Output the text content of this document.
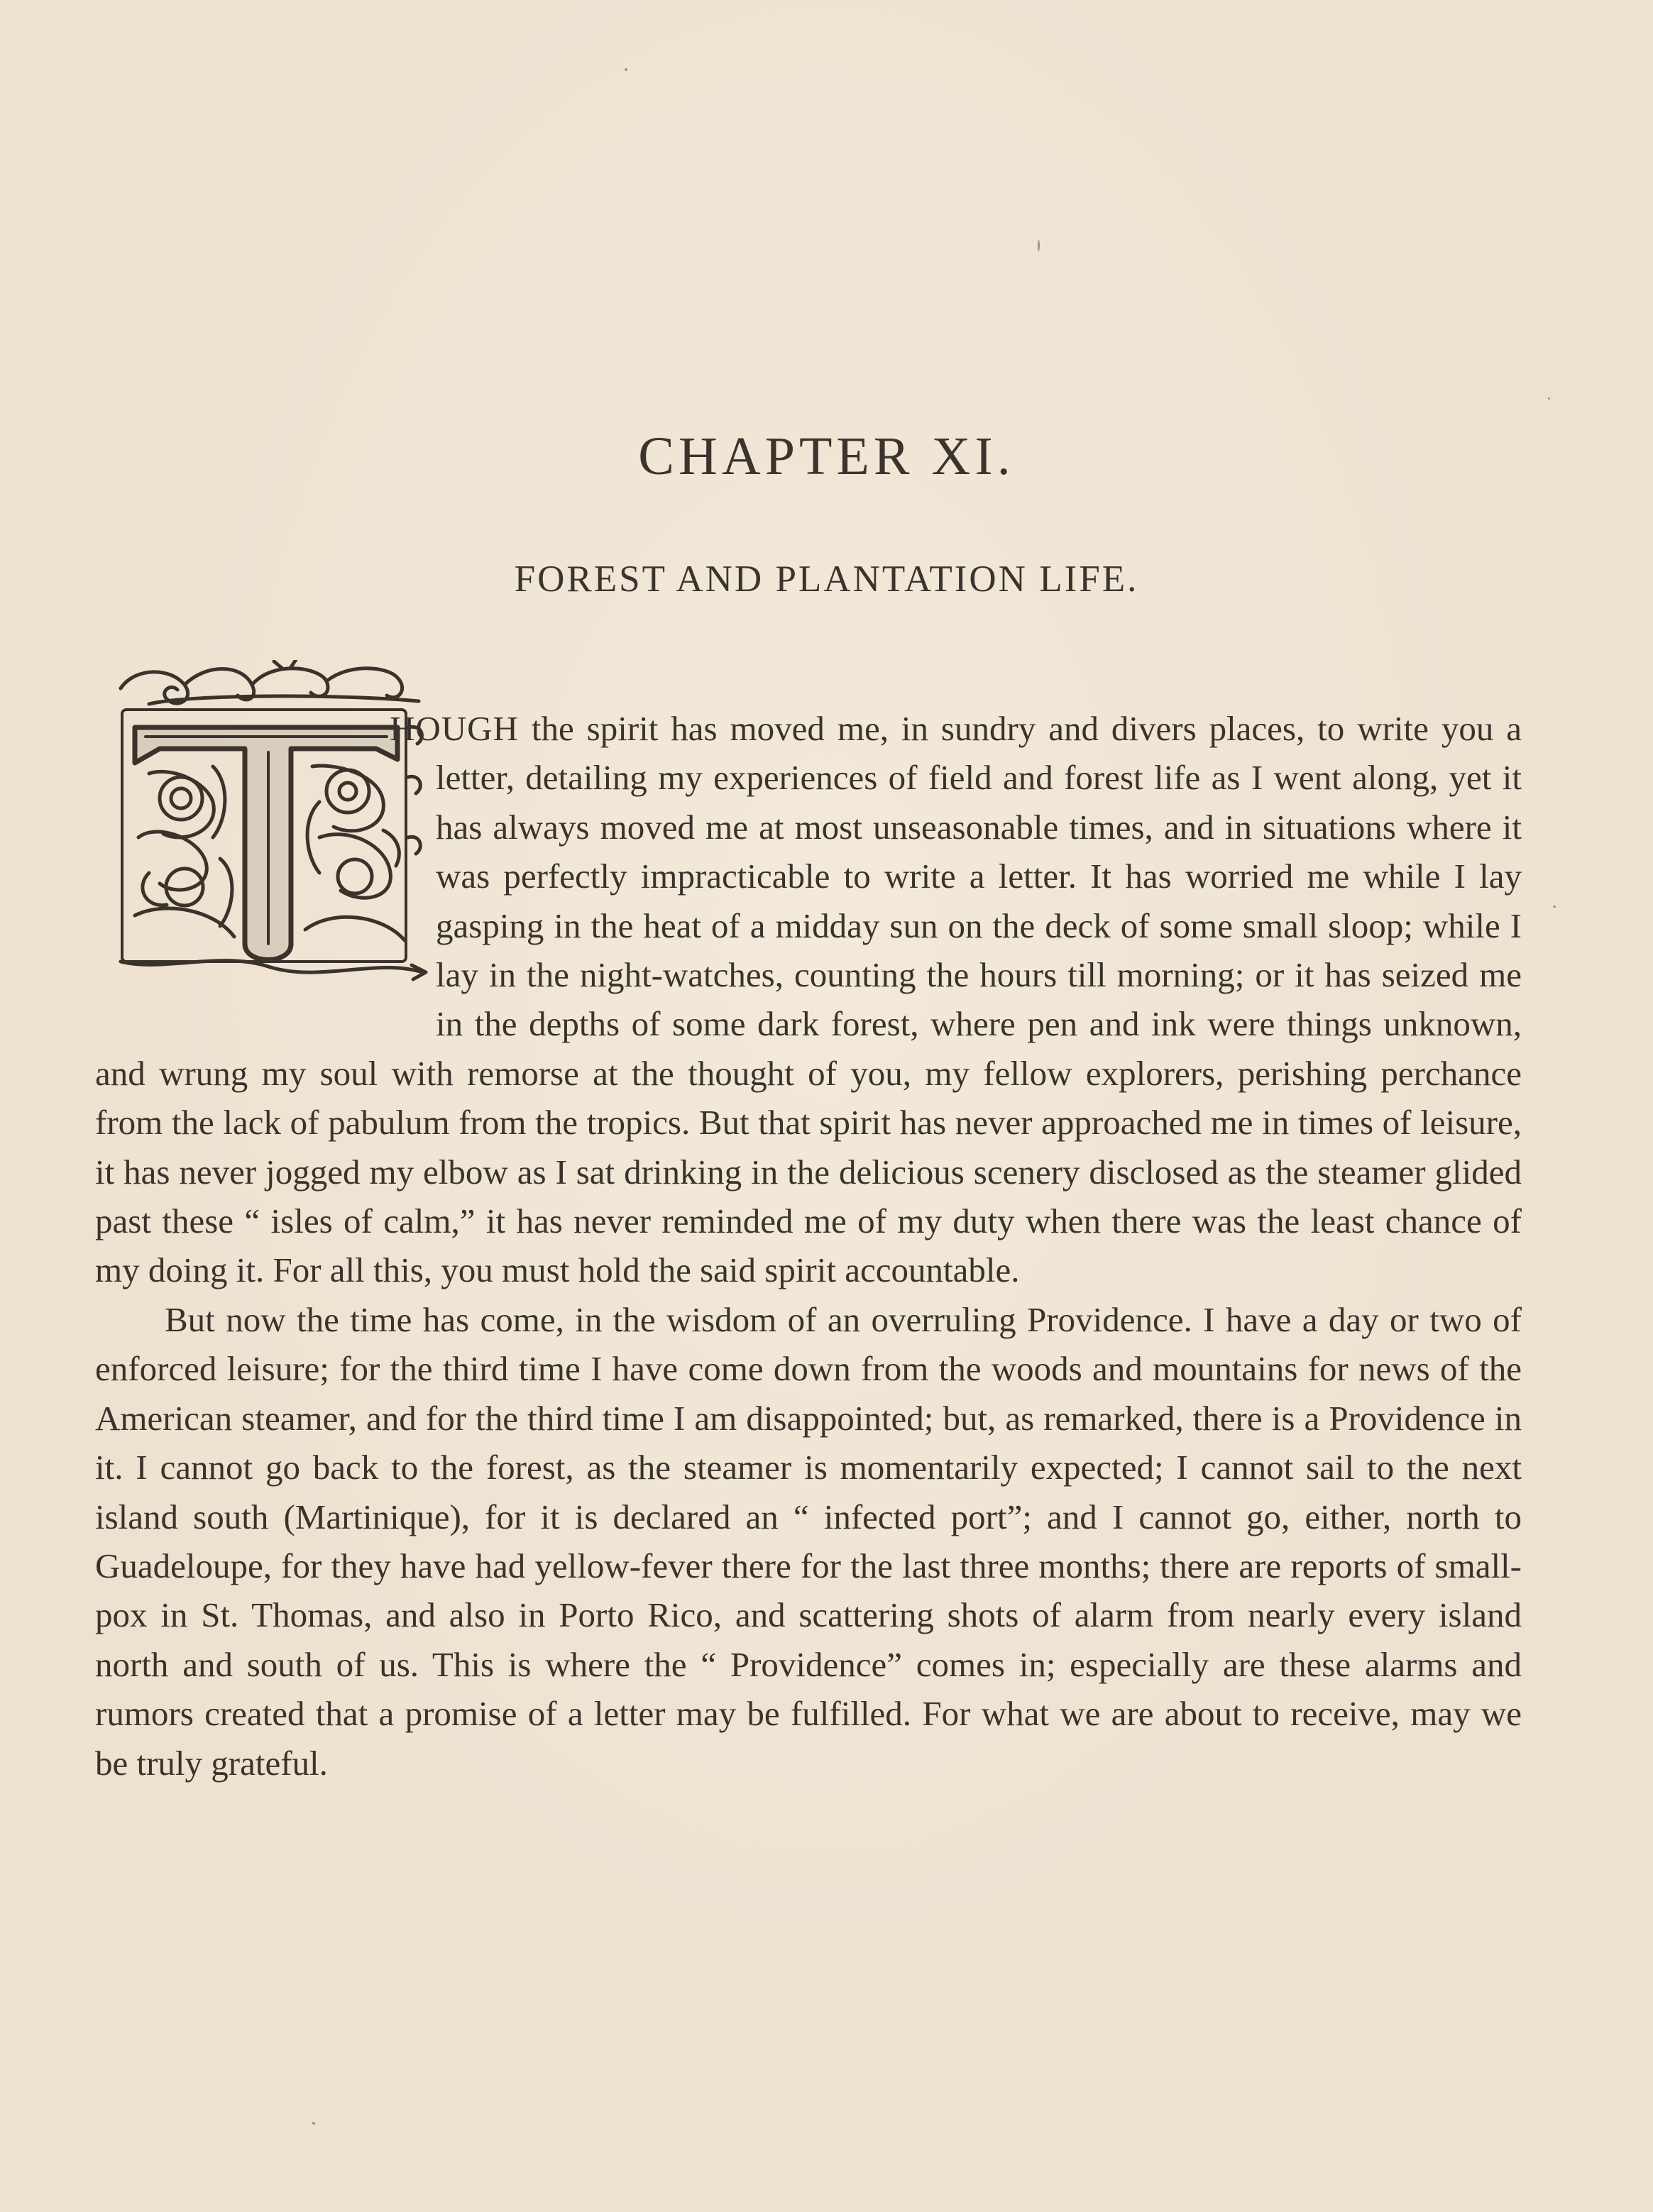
CHAPTER XI.
FOREST AND PLANTATION LIFE.

HOUGH the spirit has moved me, in sundry and divers places, to write you a letter, detailing my experiences of field and forest life as I went along, yet it has always moved me at most unseasonable times, and in situations where it was perfectly impracticable to write a letter. It has worried me while I lay gasping in the heat of a midday sun on the deck of some small sloop; while I lay in the night-watches, counting the hours till morning; or it has seized me in the depths of some dark forest, where pen and ink were things unknown, and wrung my soul with remorse at the thought of you, my fellow explorers, perishing perchance from the lack of pabulum from the tropics. But that spirit has never approached me in times of leisure, it has never jogged my elbow as I sat drinking in the delicious scenery disclosed as the steamer glided past these “ isles of calm,” it has never reminded me of my duty when there was the least chance of my doing it. For all this, you must hold the said spirit accountable.

But now the time has come, in the wisdom of an overruling Providence. I have a day or two of enforced leisure; for the third time I have come down from the woods and mountains for news of the American steamer, and for the third time I am disappointed; but, as remarked, there is a Providence in it. I cannot go back to the forest, as the steamer is momentarily expected; I cannot sail to the next island south (Martinique), for it is declared an “ infected port”; and I cannot go, either, north to Guadeloupe, for they have had yellow-fever there for the last three months; there are reports of small-pox in St. Thomas, and also in Porto Rico, and scattering shots of alarm from nearly every island north and south of us. This is where the “ Providence” comes in; especially are these alarms and rumors created that a promise of a letter may be fulfilled. For what we are about to receive, may we be truly grateful.
